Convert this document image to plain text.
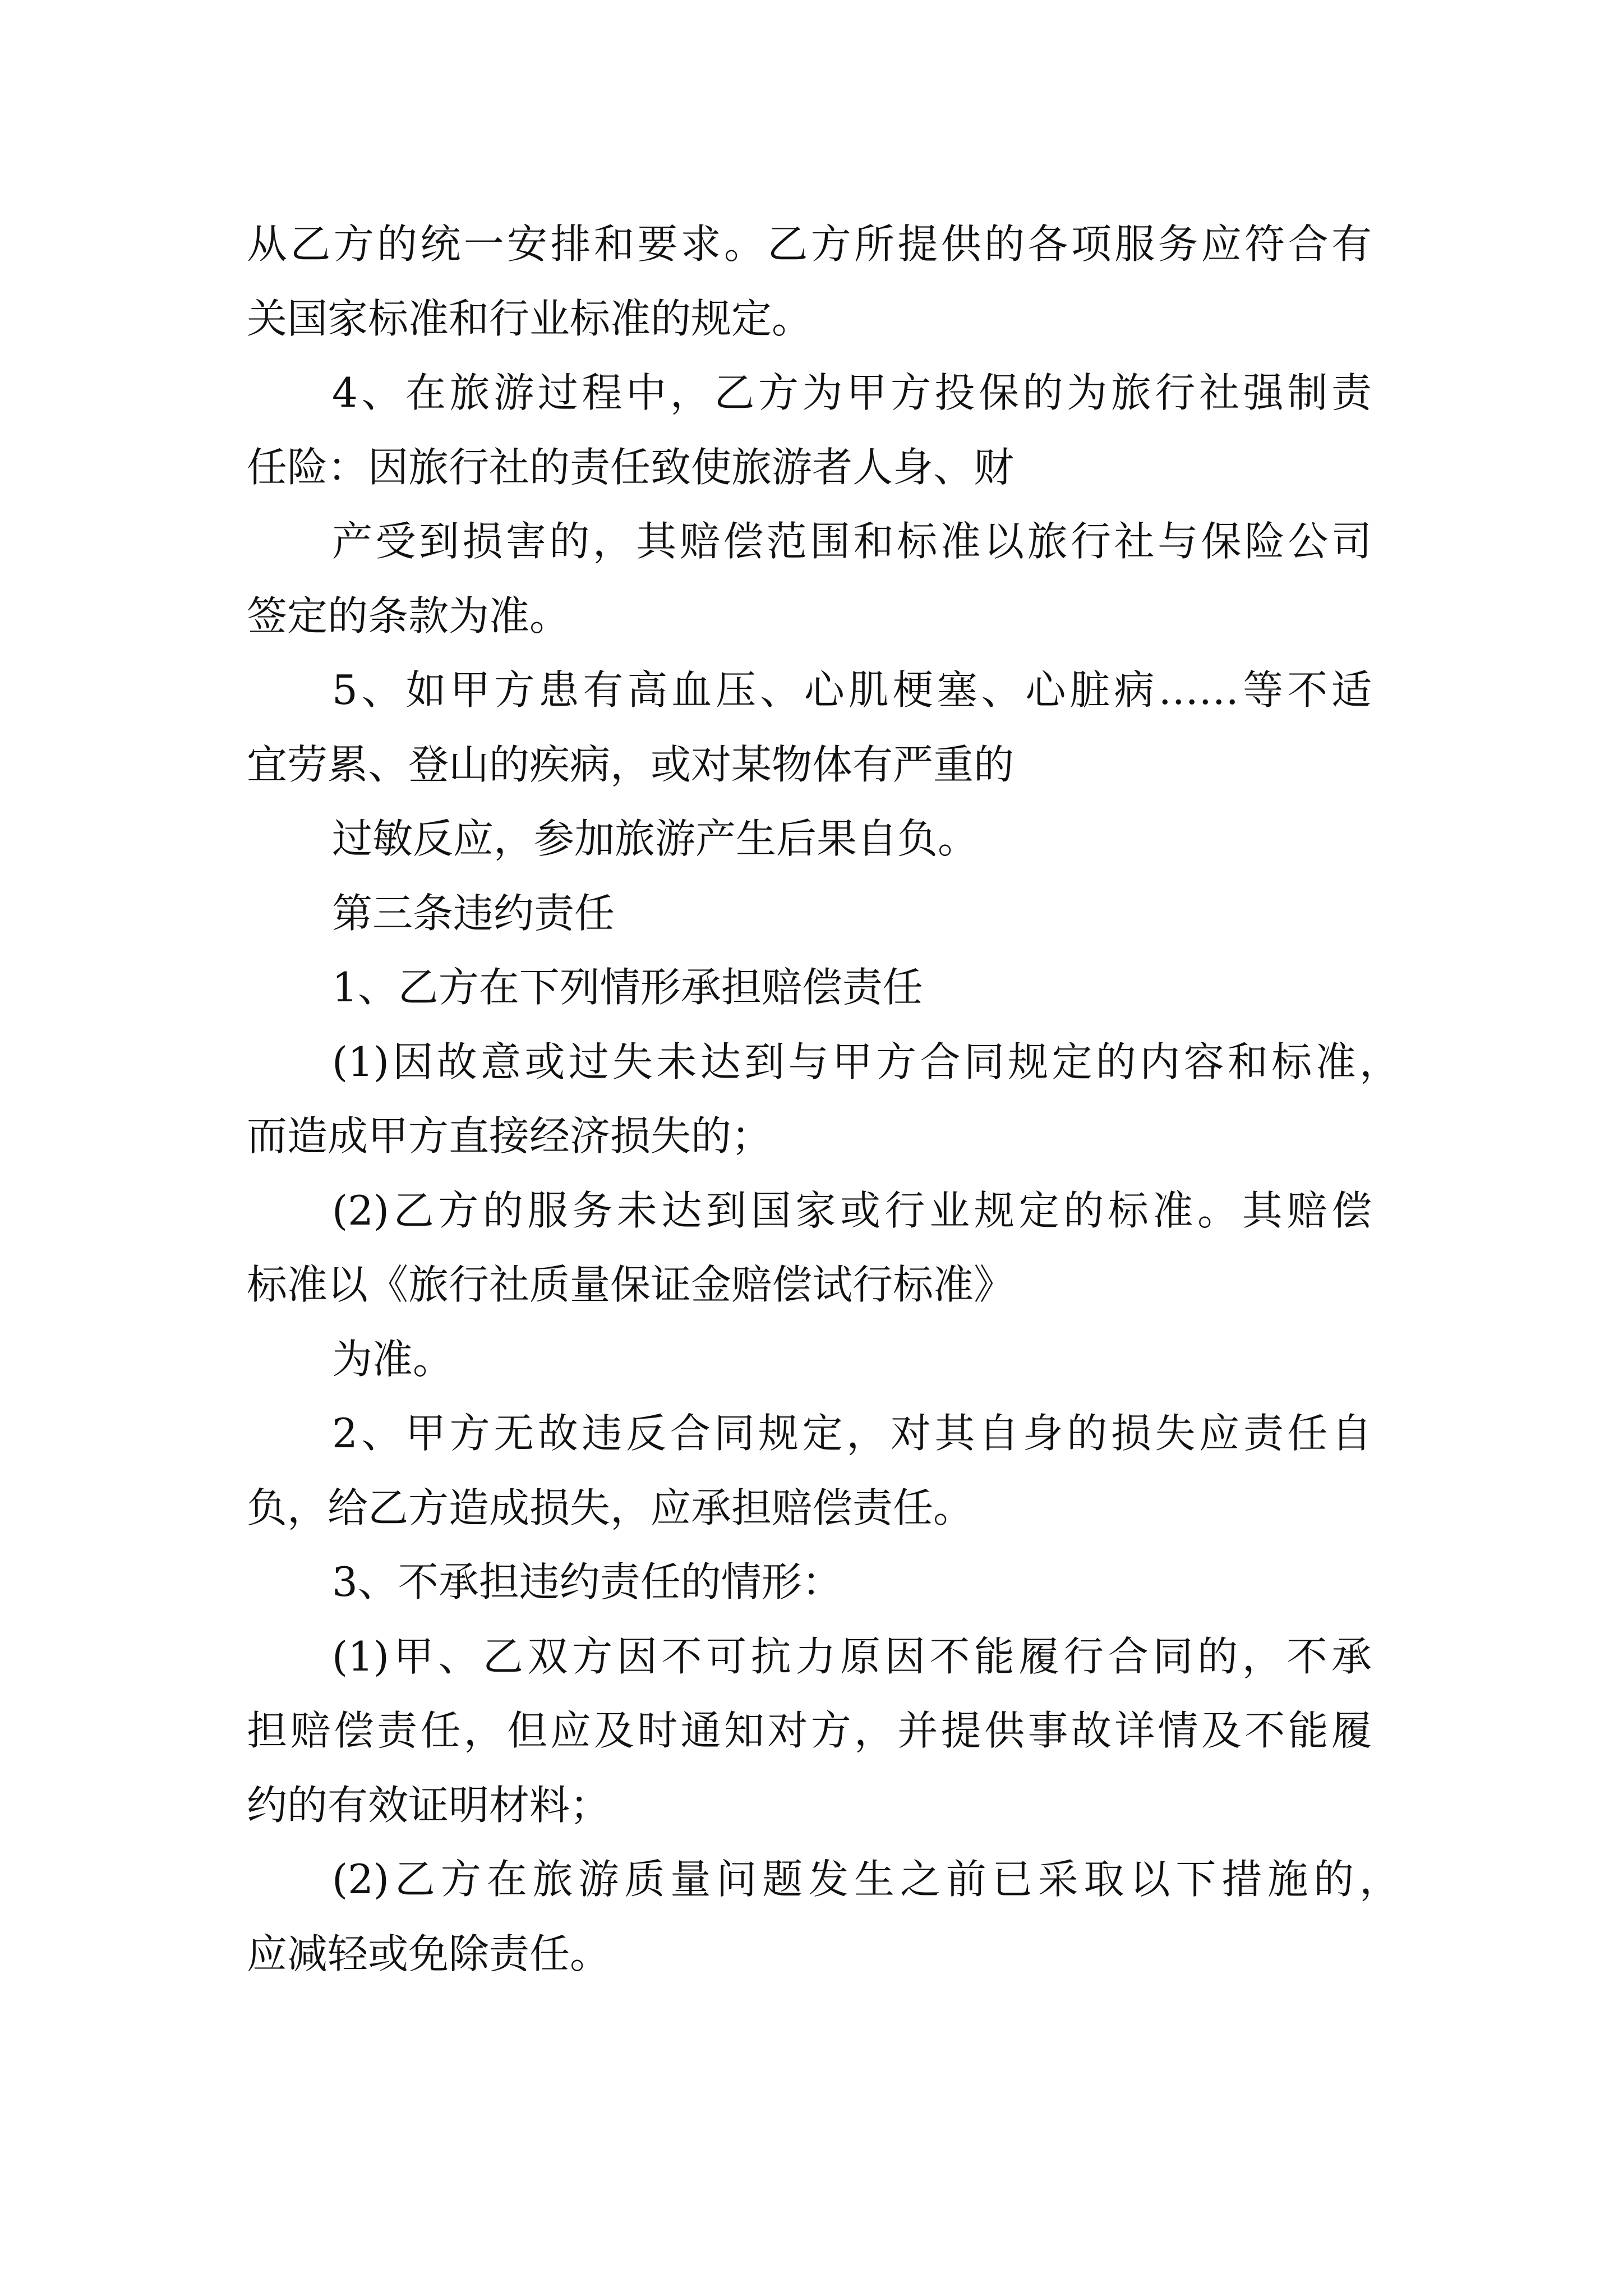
从乙方的统一安排和要求。乙方所提供的各项服务应符合有

关国家标准和行业标准的规定。

4、在旅游过程中，乙方为甲方投保的为旅行社强制责

任险：因旅行社的责任致使旅游者人身、财

产受到损害的，其赔偿范围和标准以旅行社与保险公司

签定的条款为准。

5、如甲方患有高血压、心肌梗塞、心脏病……等不适

宜劳累、登山的疾病，或对某物体有严重的

过敏反应，参加旅游产生后果自负。

第三条违约责任

1、乙方在下列情形承担赔偿责任

(1)因故意或过失未达到与甲方合同规定的内容和标准，

而造成甲方直接经济损失的；

(2)乙方的服务未达到国家或行业规定的标准。其赔偿

标准以《旅行社质量保证金赔偿试行标准》

为准。

2、甲方无故违反合同规定，对其自身的损失应责任自

负，给乙方造成损失，应承担赔偿责任。

3、不承担违约责任的情形：

(1)甲、乙双方因不可抗力原因不能履行合同的，不承

担赔偿责任，但应及时通知对方，并提供事故详情及不能履

约的有效证明材料；

(2)乙方在旅游质量问题发生之前已采取以下措施的，

应减轻或免除责任。
